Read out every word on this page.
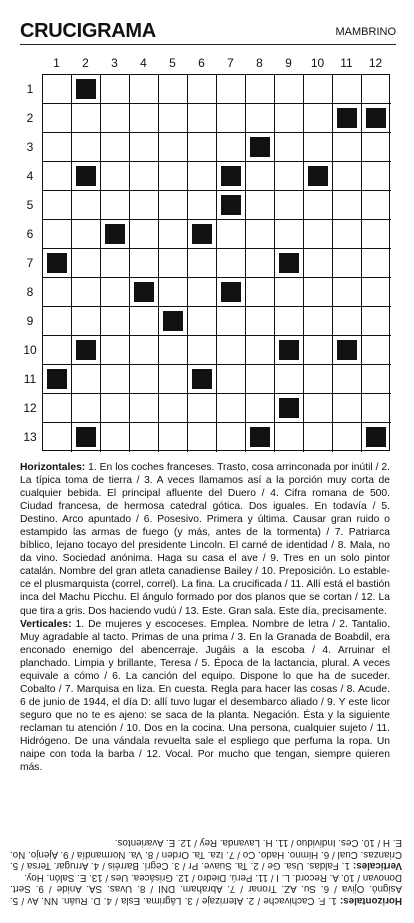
CRUCIGRAMA	MAMBRINO
1	2	3	4	5	6	7	8	9	10	11	12
1
2
3
4
5
6
7
8
9
10
11
12
13

Horizontales: 1. En los coches franceses. Trasto, cosa arrinconada por inútil / 2. La típica toma de tierra / 3. A veces llamamos así a la porción muy corta de cualquier bebida. El principal afluente del Duero / 4. Cifra romana de 500. Ciudad francesa, de hermosa catedral gótica. Dos iguales. En todavía / 5. Destino. Arco apuntado / 6. Posesivo. Primera y última. Causar gran ruido o estampido las armas de fuego (y más, antes de la tormenta) / 7. Patriarca bíblico, lejano tocayo del presidente Lincoln. El carné de identidad / 8. Mala, no da vino. Sociedad anónima. Haga su casa el ave / 9. Tres en un solo pintor catalán. Nombre del gran atleta canadiense Bailey / 10. Preposición. Lo estable-ce el plusmarquista (correl, correl). La fina. La crucificada / 11. Allí está el bastión inca del Machu Picchu. El ángulo formado por dos planos que se cortan / 12. La que tira a gris. Dos haciendo vudú / 13. Este. Gran sala. Este día, precisamente.

Verticales: 1. De mujeres y escoceses. Emplea. Nombre de letra / 2. Tantalio. Muy agradable al tacto. Primas de una prima / 3. En la Granada de Boabdil, era enconado enemigo del abencerraje. Jugáis a la escoba / 4. Arruinar el planchado. Limpia y brillante, Teresa / 5. Época de la lactancia, plural. A veces equivale a cómo / 6. La canción del equipo. Dispone lo que ha de suceder. Cobalto / 7. Marquisa en liza. En cuesta. Regla para hacer las cosas / 8. Acude. 6 de junio de 1944, el día D: allí tuvo lugar el desembarco aliado / 9. Y este licor seguro que no te es ajeno: se saca de la planta. Negación. Ésta y la siguiente reclaman tu atención / 10. Dos en la cocina. Una persona, cualquier sujeto / 11. Hidrógeno. De una vándala revuelta sale el espliego que perfuma la ropa. Un naipe con toda la barba / 12. Vocal. Por mucho que tengan, siempre quieren más.

Horizontales: 1. F. Cachivache / 2. Aterrizaje / 3. Lágrima. Esla / 4. D. Ruán. NN. Av / 5. Asignó. Ojiva / 6. Su. AZ. Tronar / 7. Abraham. DNI / 8. Uvas. SA. Anide / 9. Sert. Donovan / 10. A. Record. L. I / 11. Perú. Diedro / 12. Grisácea. Ues / 13. E. Salón. Hoy.

Verticales: 1. Faldas. Usa. Ge / 2. Ta. Suave. Pr / 3. Cegrí. Barréis / 4. Arrugar. Tersa / 5. Crianzas. Cual / 6. Himno. Hado. Co / 7. Iza. Ta. Orden / 8. Va. Normandía / 9. Ajenjo. No. E. H / 10. Ces. Individuo / 11. H. Lavanda. Rey / 12. E. Avarientos.
